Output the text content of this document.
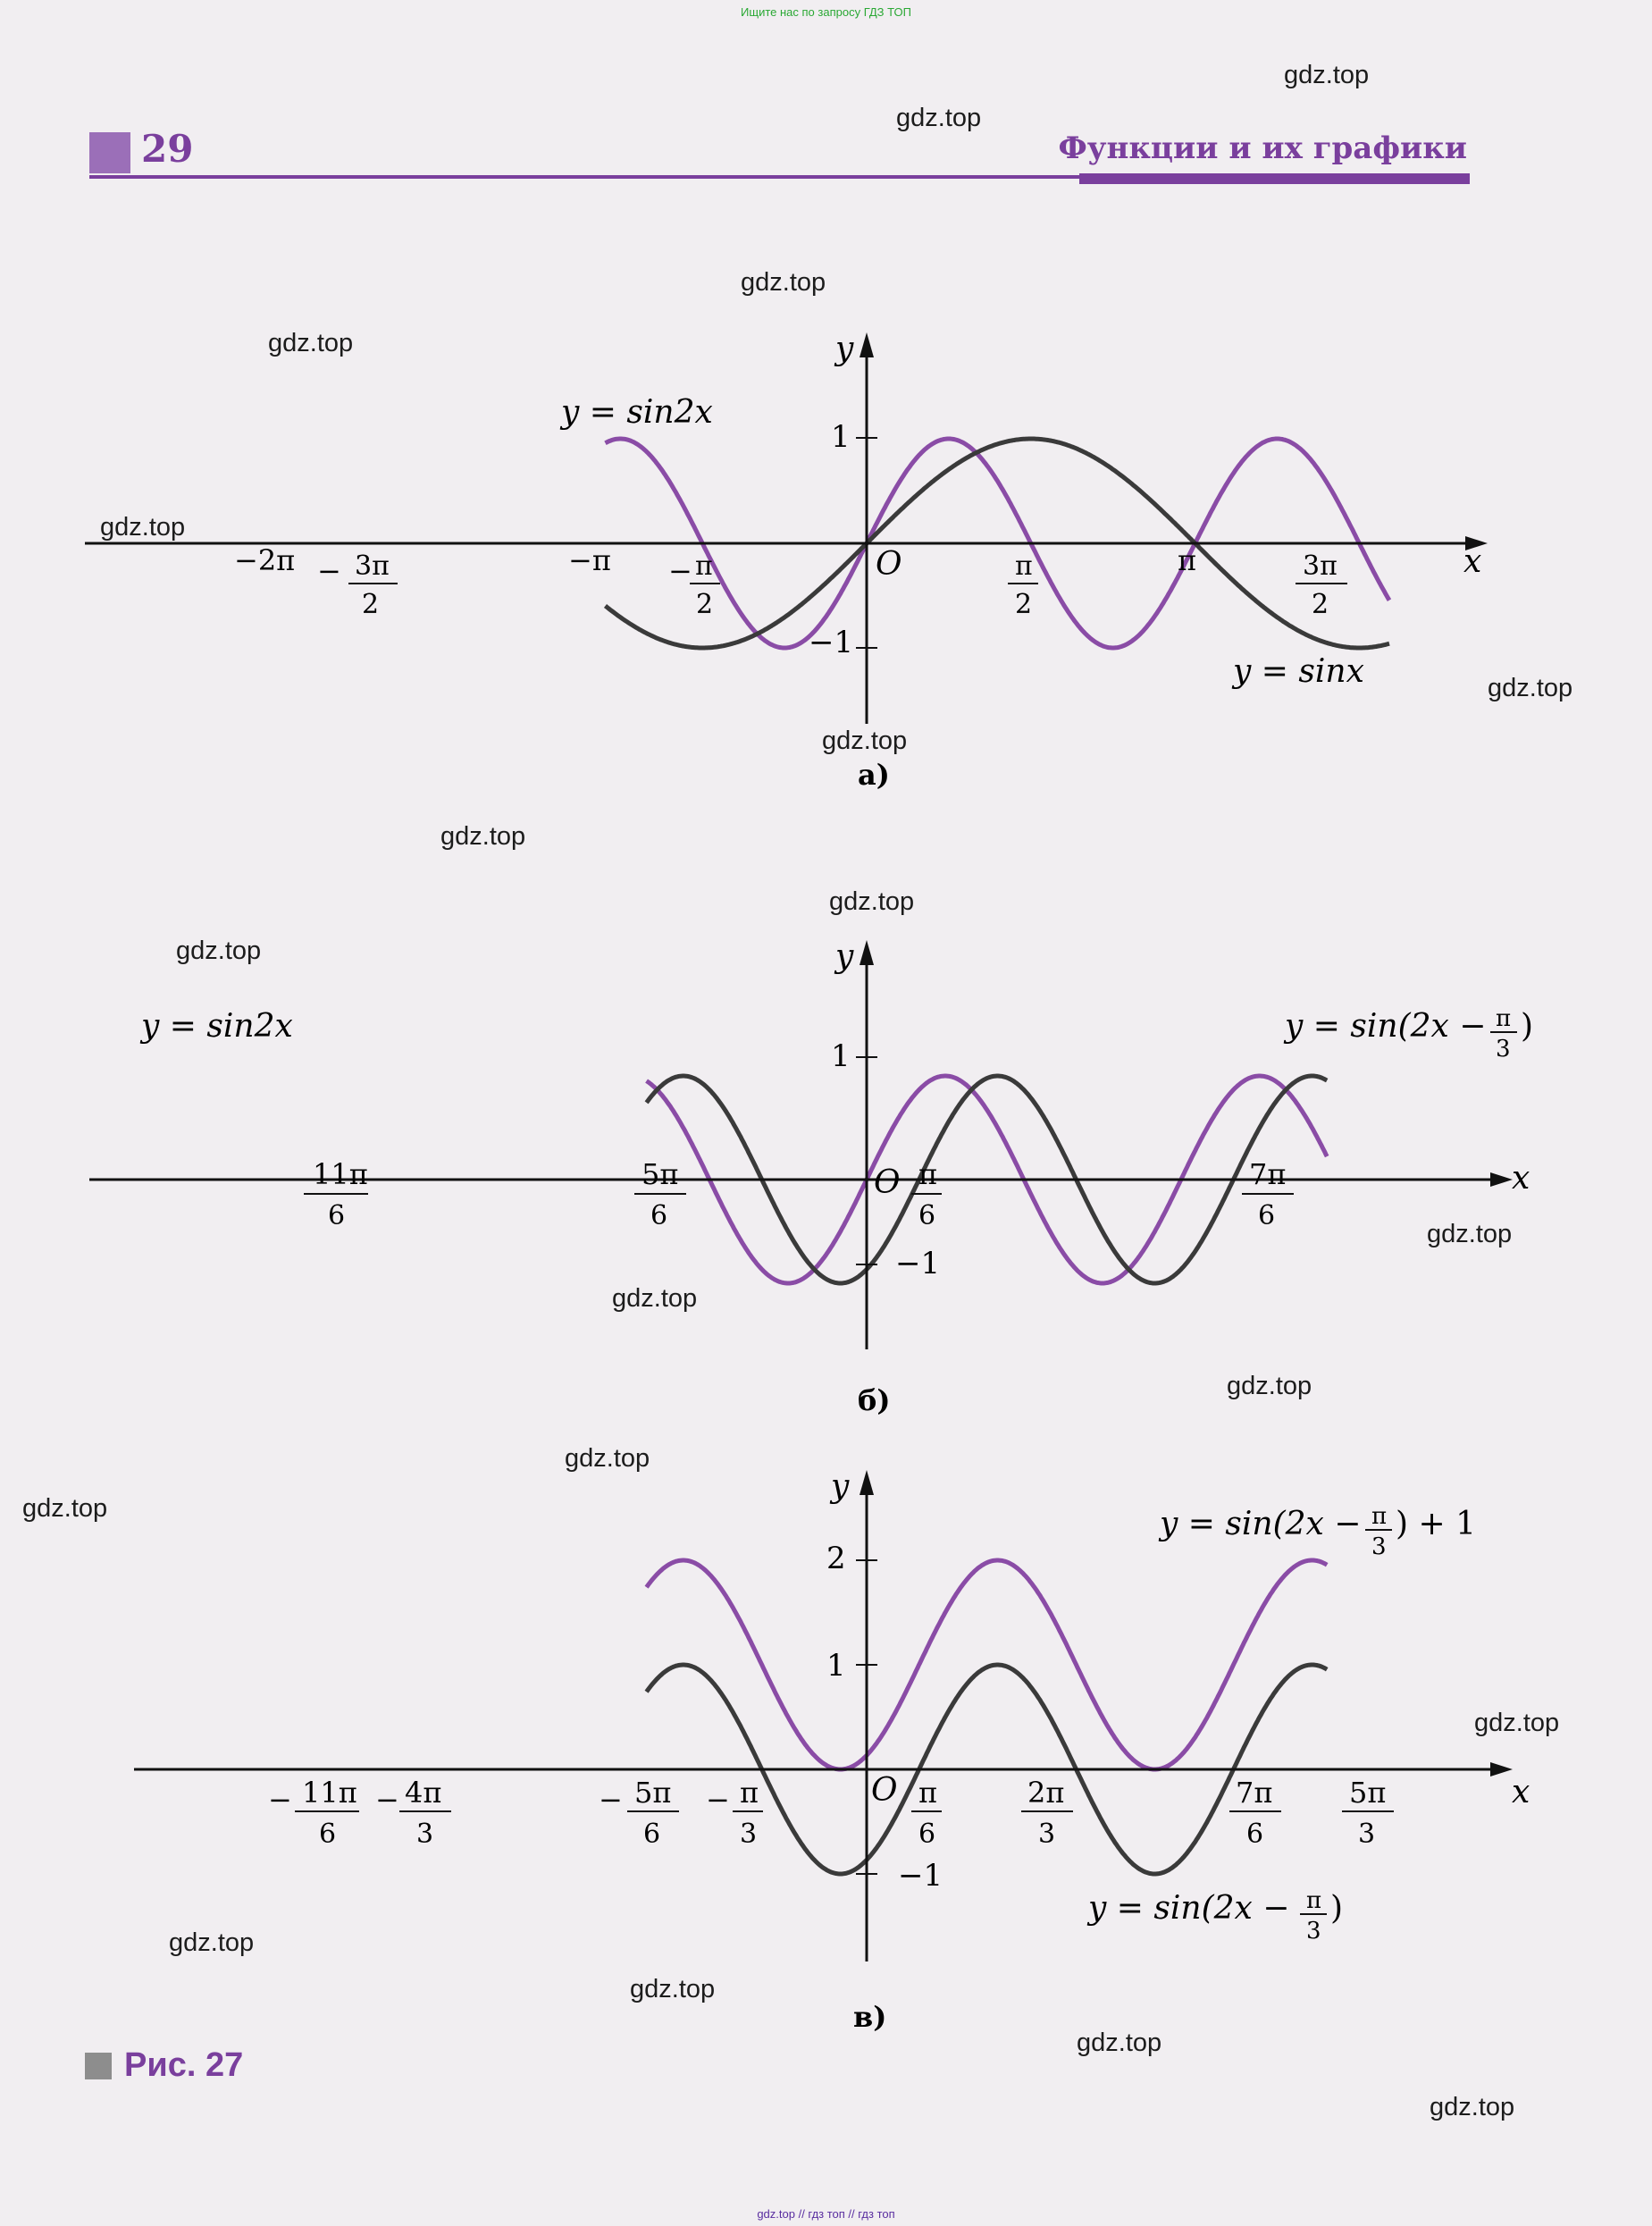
Ищите нас по запросу ГДЗ ТОП
29	Функции и их графики
y
x
O
1
−1
−2π − 3π
2
−π − π
2
π
2
π	3π
2
y = sin2x
y = sinx
а)
y
x
O
1
−1
11π
6
5π
6
π
6
7π
6
y = sin2x	y = sin(2x − π
3
)
б)
y
x
O
2
1
−1
− 11π
6
− 4π
3
− 5π
6
− π
3
π
6
2π
3
7π
6
5π
3
y = sin(2x − π
3
) + 1
y = sin(2x − π
3
)
в)
Рис. 27
gdz.top
gdz.top
gdz.top
gdz.top
gdz.top
gdz.top
gdz.top
gdz.top
gdz.top
gdz.top
gdz.top
gdz.top
gdz.top
gdz.top
gdz.top
gdz.top
gdz.top
gdz.top
gdz.top
gdz.top
gdz.top // гдз топ // гдз топ
